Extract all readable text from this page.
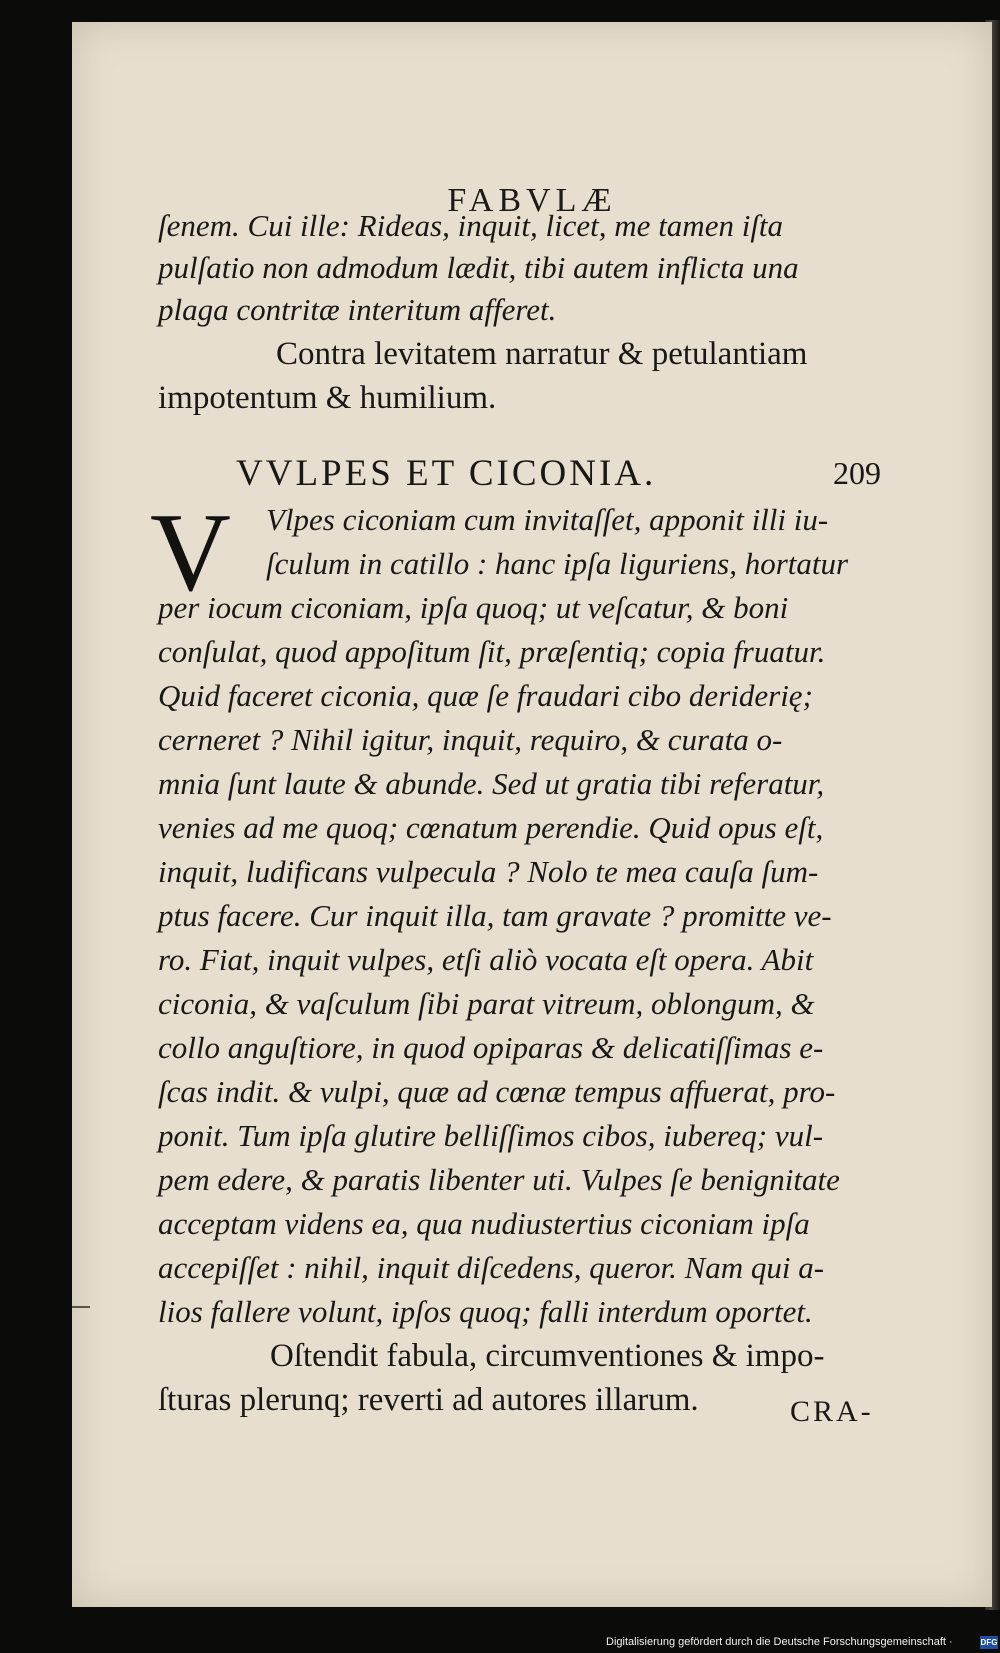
FABVLÆ
ſenem. Cui ille: Rideas, inquit, licet, me tamen iſta
pulſatio non admodum lædit, tibi autem inflicta una
plaga contritæ interitum afferet.
Contra levitatem narratur & petulantiam
impotentum & humilium.
VVLPES ET CICONIA.	209
V Vlpes ciconiam cum invitaſſet, apponit illi iu-
ſculum in catillo : hanc ipſa liguriens, hortatur
per iocum ciconiam, ipſa quoq; ut veſcatur, & boni
conſulat, quod appoſitum ſit, præſentiq; copia fruatur.
Quid faceret ciconia, quæ ſe fraudari cibo deriderię;
cerneret ? Nihil igitur, inquit, requiro, & curata o-
mnia ſunt laute & abunde. Sed ut gratia tibi referatur,
venies ad me quoq; cœnatum perendie. Quid opus eſt,
inquit, ludificans vulpecula ? Nolo te mea cauſa ſum-
ptus facere. Cur inquit illa, tam gravate ? promitte ve-
ro. Fiat, inquit vulpes, etſi aliò vocata eſt opera. Abit
ciconia, & vaſculum ſibi parat vitreum, oblongum, &
collo anguſtiore, in quod opiparas & delicatiſſimas e-
ſcas indit. & vulpi, quæ ad cœnæ tempus affuerat, pro-
ponit. Tum ipſa glutire belliſſimos cibos, iubereq; vul-
pem edere, & paratis libenter uti. Vulpes ſe benignitate
acceptam videns ea, qua nudiustertius ciconiam ipſa
accepiſſet : nihil, inquit diſcedens, queror. Nam qui a-
lios fallere volunt, ipſos quoq; falli interdum oportet.
Oſtendit fabula, circumventiones & impo-
ſturas plerunq; reverti ad autores illarum.	CRA-
Digitalisierung gefördert durch die Deutsche Forschungsgemeinschaft ·	DFG
